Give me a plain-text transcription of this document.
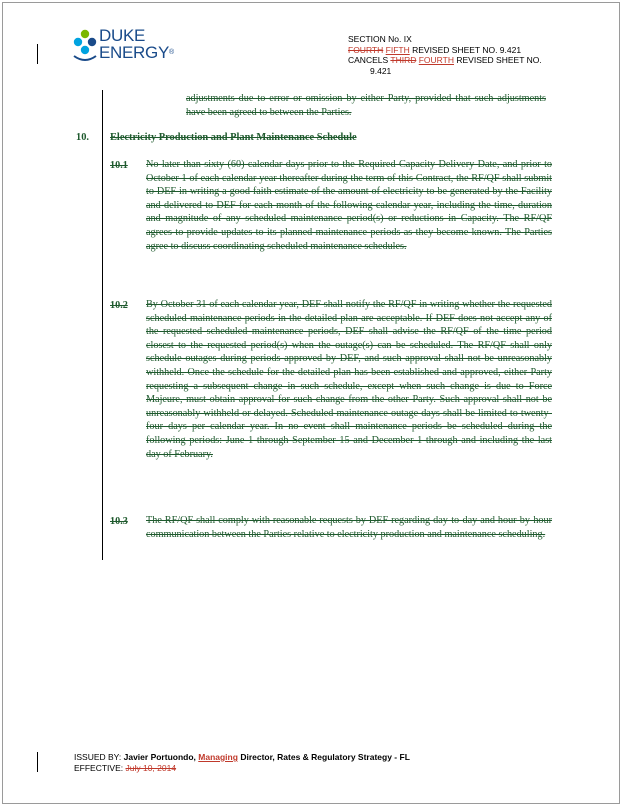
DUKE
ENERGY®
SECTION No. IX
FOURTH FIFTH REVISED SHEET NO. 9.421
CANCELS THIRD FOURTH REVISED SHEET NO.
9.421
adjustments due to error or omission by either Party, provided that such adjustments have been agreed to between the Parties.
10. Electricity Production and Plant Maintenance Schedule
10.1 No later than sixty (60) calendar days prior to the Required Capacity Delivery Date, and prior to October 1 of each calendar year thereafter during the term of this Contract, the RF/QF shall submit to DEF in writing a good faith estimate of the amount of electricity to be generated by the Facility and delivered to DEF for each month of the following calendar year, including the time, duration and magnitude of any scheduled maintenance period(s) or reductions in Capacity. The RF/QF agrees to provide updates to its planned maintenance periods as they become known. The Parties agree to discuss coordinating scheduled maintenance schedules.
10.2 By October 31 of each calendar year, DEF shall notify the RF/QF in writing whether the requested scheduled maintenance periods in the detailed plan are acceptable. If DEF does not accept any of the requested scheduled maintenance periods, DEF shall advise the RF/QF of the time period closest to the requested period(s) when the outage(s) can be scheduled. The RF/QF shall only schedule outages during periods approved by DEF, and such approval shall not be unreasonably withheld. Once the schedule for the detailed plan has been established and approved, either Party requesting a subsequent change in such schedule, except when such change is due to Force Majeure, must obtain approval for such change from the other Party. Such approval shall not be unreasonably withheld or delayed. Scheduled maintenance outage days shall be limited to twenty-four days per calendar year. In no event shall maintenance periods be scheduled during the following periods: June 1 through September 15 and December 1 through and including the last day of February.
10.3 The RF/QF shall comply with reasonable requests by DEF regarding day-to-day and hour-by-hour communication between the Parties relative to electricity production and maintenance scheduling.
ISSUED BY: Javier Portuondo, Managing Director, Rates & Regulatory Strategy - FL
EFFECTIVE: July 10, 2014
